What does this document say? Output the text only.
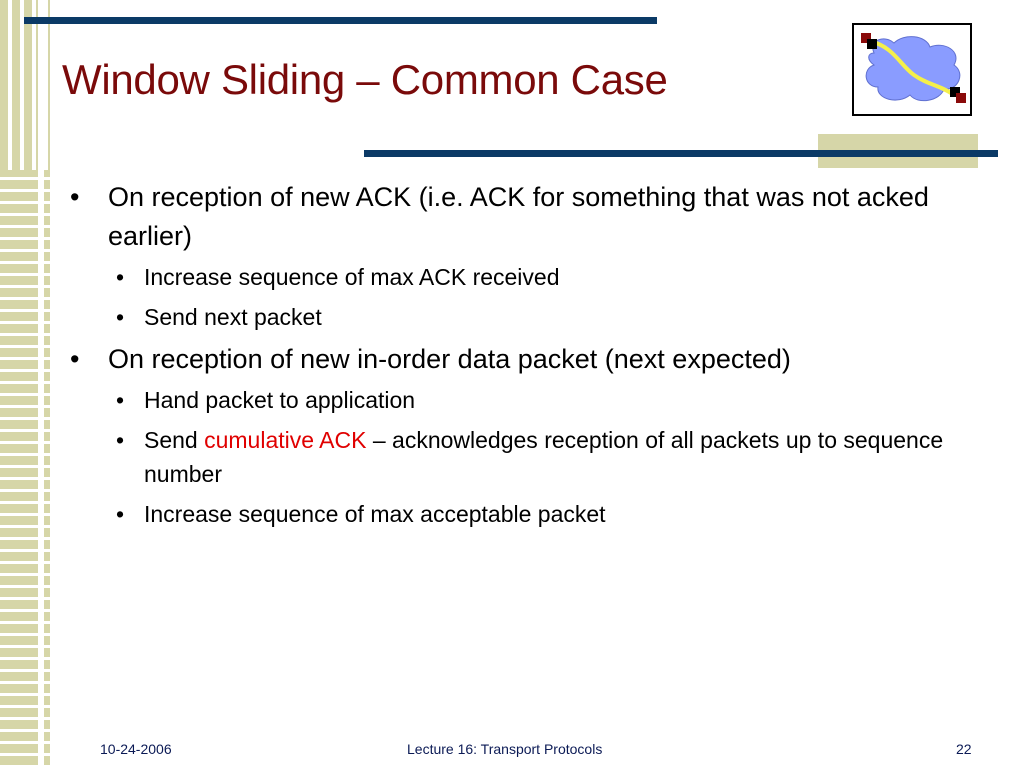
Window Sliding – Common Case
• On reception of new ACK (i.e. ACK for something that was not acked earlier)
• Increase sequence of max ACK received
• Send next packet
• On reception of new in-order data packet (next expected)
• Hand packet to application
• Send cumulative ACK – acknowledges reception of all packets up to sequence number
• Increase sequence of max acceptable packet
10-24-2006	Lecture 16: Transport Protocols	22
